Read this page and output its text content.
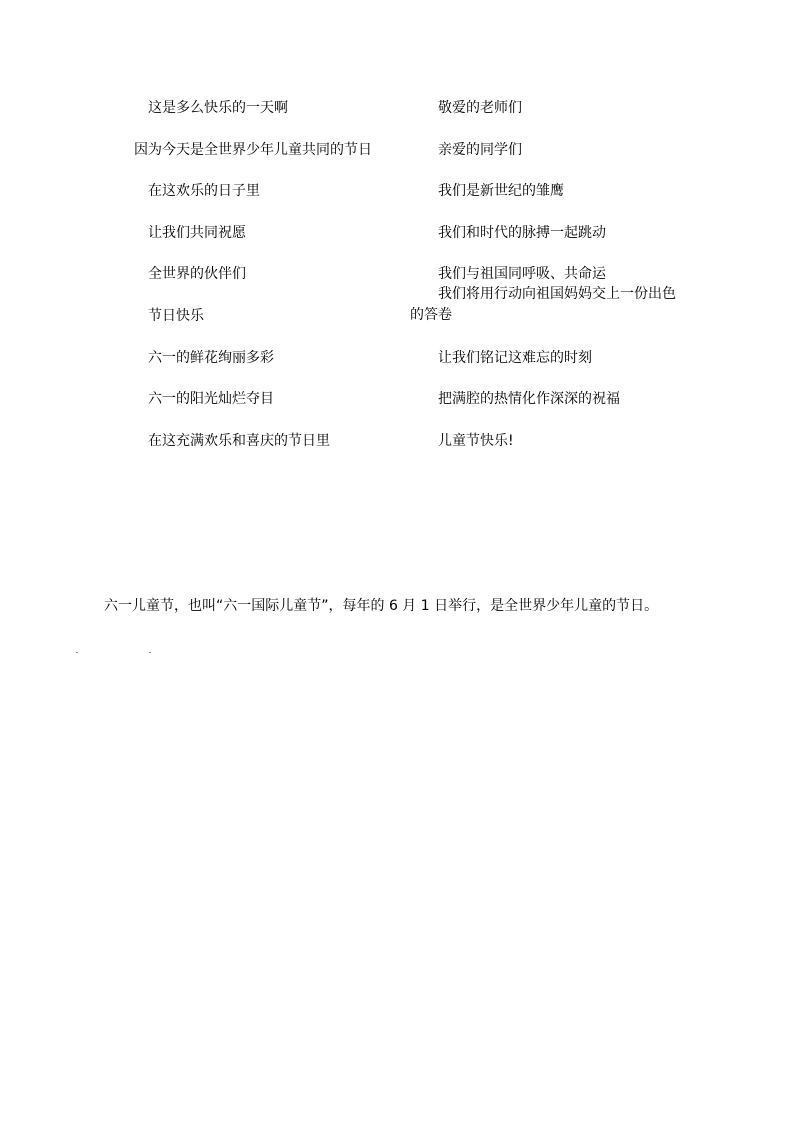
这是多么快乐的一天啊
因为今天是全世界少年儿童共同的节日
在这欢乐的日子里
让我们共同祝愿
全世界的伙伴们
节日快乐
六一的鲜花绚丽多彩
六一的阳光灿烂夺目
在这充满欢乐和喜庆的节日里
敬爱的老师们
亲爱的同学们
我们是新世纪的雏鹰
我们和时代的脉搏一起跳动
我们与祖国同呼吸、共命运
我们将用行动向祖国妈妈交上一份出色的答卷
让我们铭记这难忘的时刻
把满腔的热情化作深深的祝福
儿童节快乐!
六一儿童节，也叫“六一国际儿童节”，每年的 6 月 1 日举行，是全世界少年儿童的节日。
